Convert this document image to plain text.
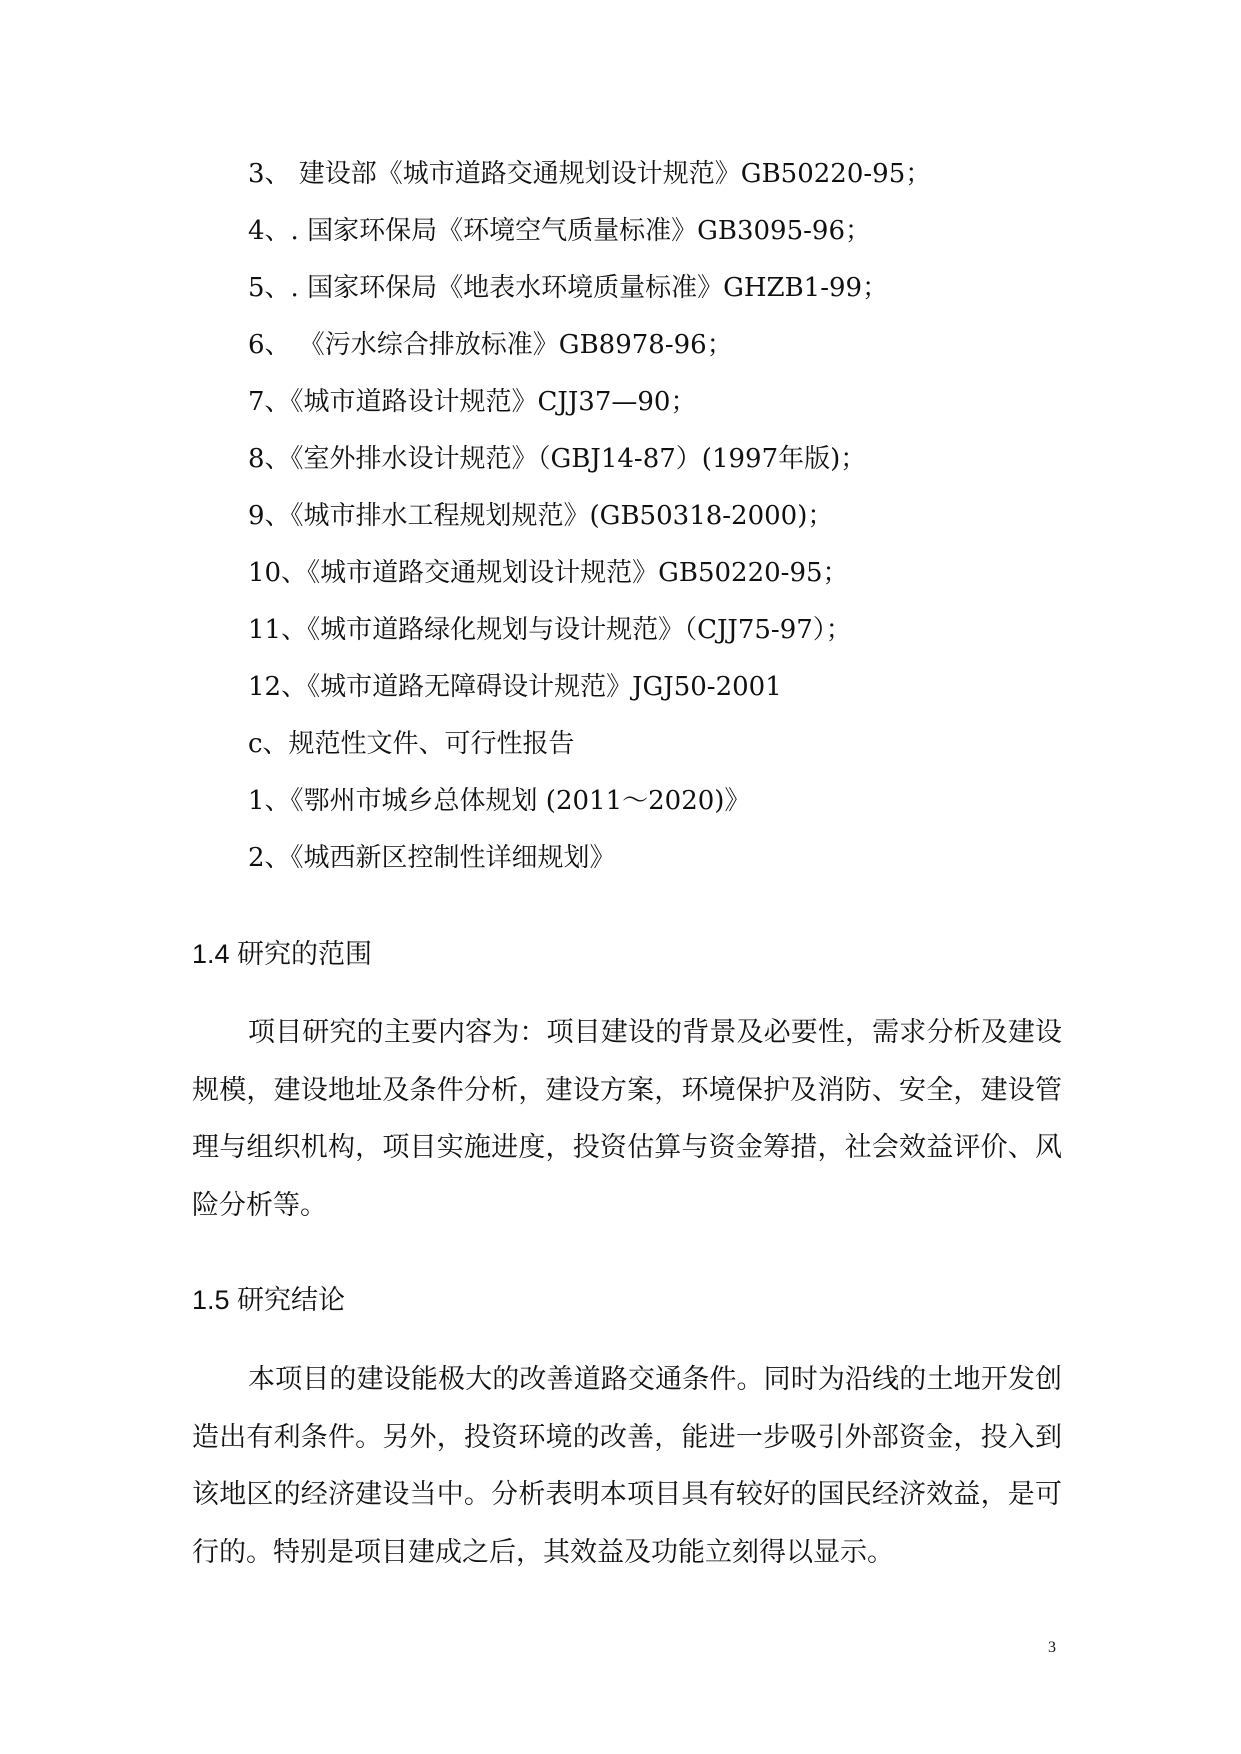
3、 建设部《城市道路交通规划设计规范》GB50220-95；
4、. 国家环保局《环境空气质量标准》GB3095-96；
5、. 国家环保局《地表水环境质量标准》GHZB1-99；
6、 《污水综合排放标准》GB8978-96；
7、《城市道路设计规范》CJJ37—90；
8、《室外排水设计规范》（GBJ14-87）(1997年版)；
9、《城市排水工程规划规范》(GB50318-2000)；
10、《城市道路交通规划设计规范》GB50220-95；
11、《城市道路绿化规划与设计规范》（CJJ75-97）；
12、《城市道路无障碍设计规范》JGJ50-2001
c、规范性文件、可行性报告
1、《鄂州市城乡总体规划 (2011～2020)》
2、《城西新区控制性详细规划》
1.4 研究的范围

项目研究的主要内容为：项目建设的背景及必要性，需求分析及建设规模，建设地址及条件分析，建设方案，环境保护及消防、安全，建设管理与组织机构，项目实施进度，投资估算与资金筹措，社会效益评价、风险分析等。

1.5 研究结论

本项目的建设能极大的改善道路交通条件。同时为沿线的土地开发创造出有利条件。另外，投资环境的改善，能进一步吸引外部资金，投入到该地区的经济建设当中。分析表明本项目具有较好的国民经济效益，是可行的。特别是项目建成之后，其效益及功能立刻得以显示。

3
